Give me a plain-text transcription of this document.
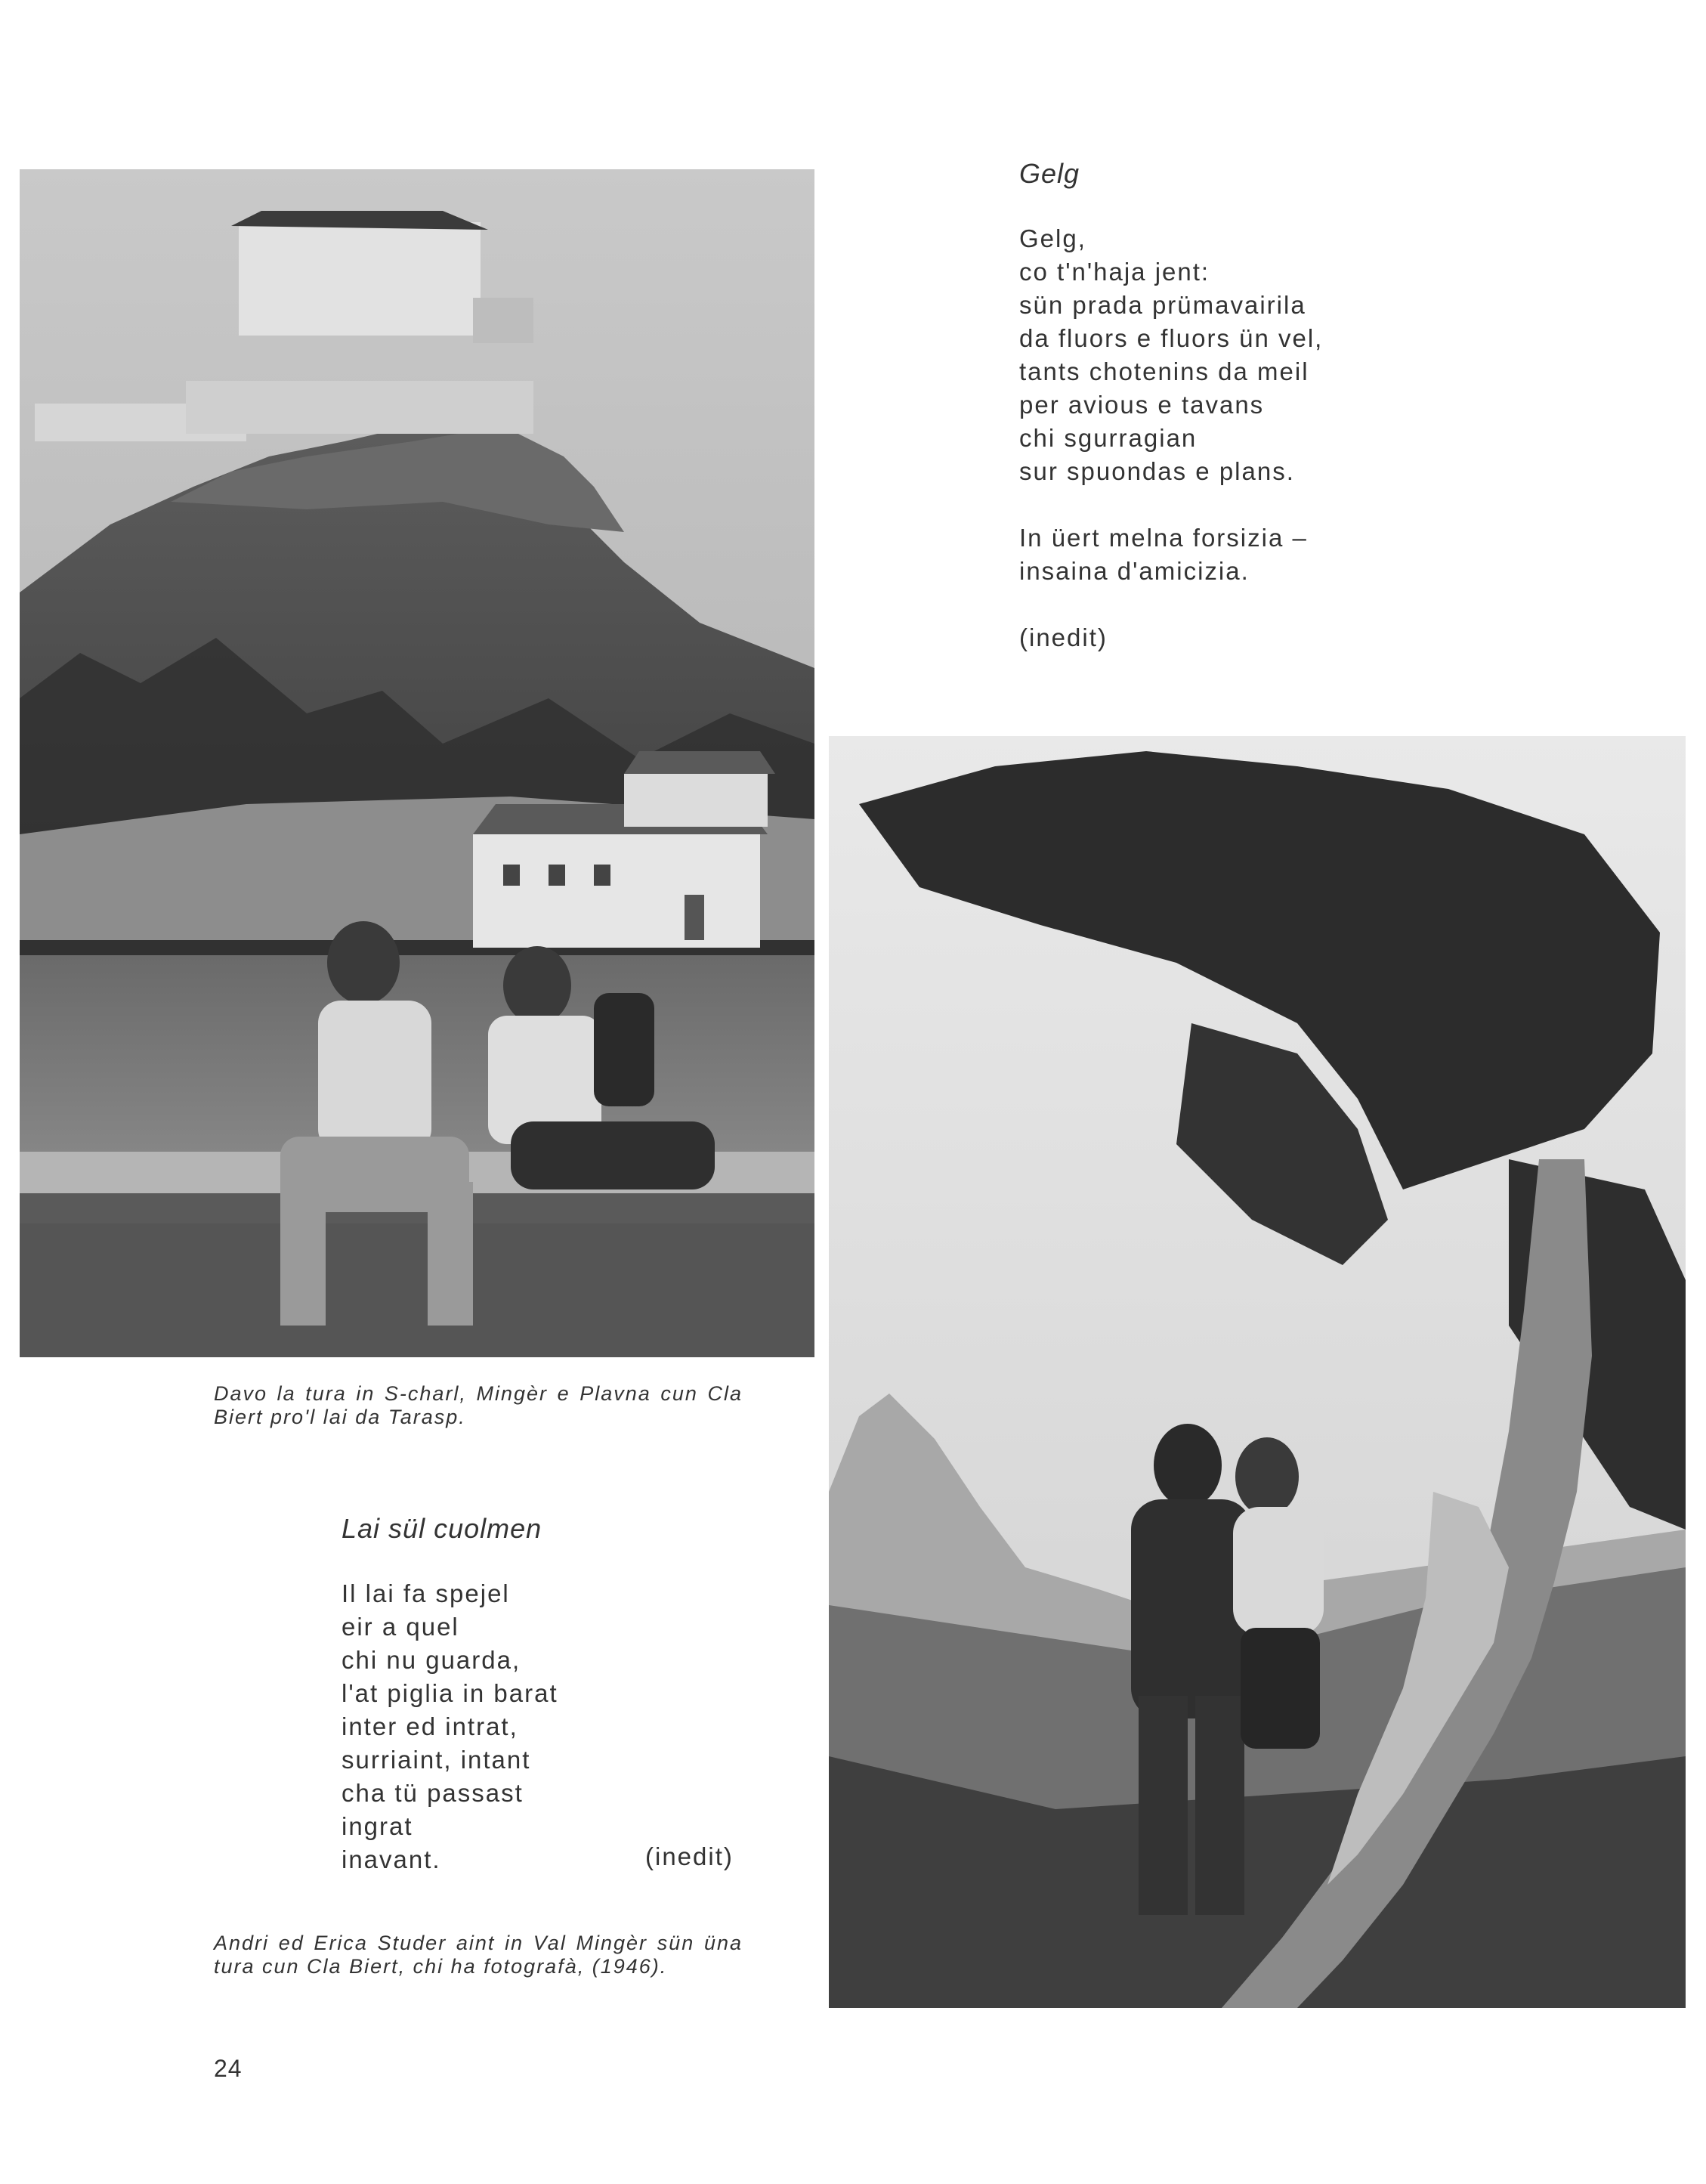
Gelg

Gelg,
co t'n'haja jent:
sün prada prümavairila
da fluors e fluors ün vel,
tants chotenins da meil
per avious e tavans
chi sgurragian
sur spuondas e plans.
In üert melna forsizia –
insaina d'amicizia.
(inedit)
Davo la tura in S-charl, Mingèr e Plavna cun Cla Biert pro'l lai da Tarasp.

Lai sül cuolmen

Il lai fa spejel
eir a quel
chi nu guarda,
l'at piglia in barat
inter ed intrat,
surriaint, intant
cha tü passast
ingrat
inavant.	(inedit)
Andri ed Erica Studer aint in Val Mingèr sün üna tura cun Cla Biert, chi ha fotografà, (1946).
24
